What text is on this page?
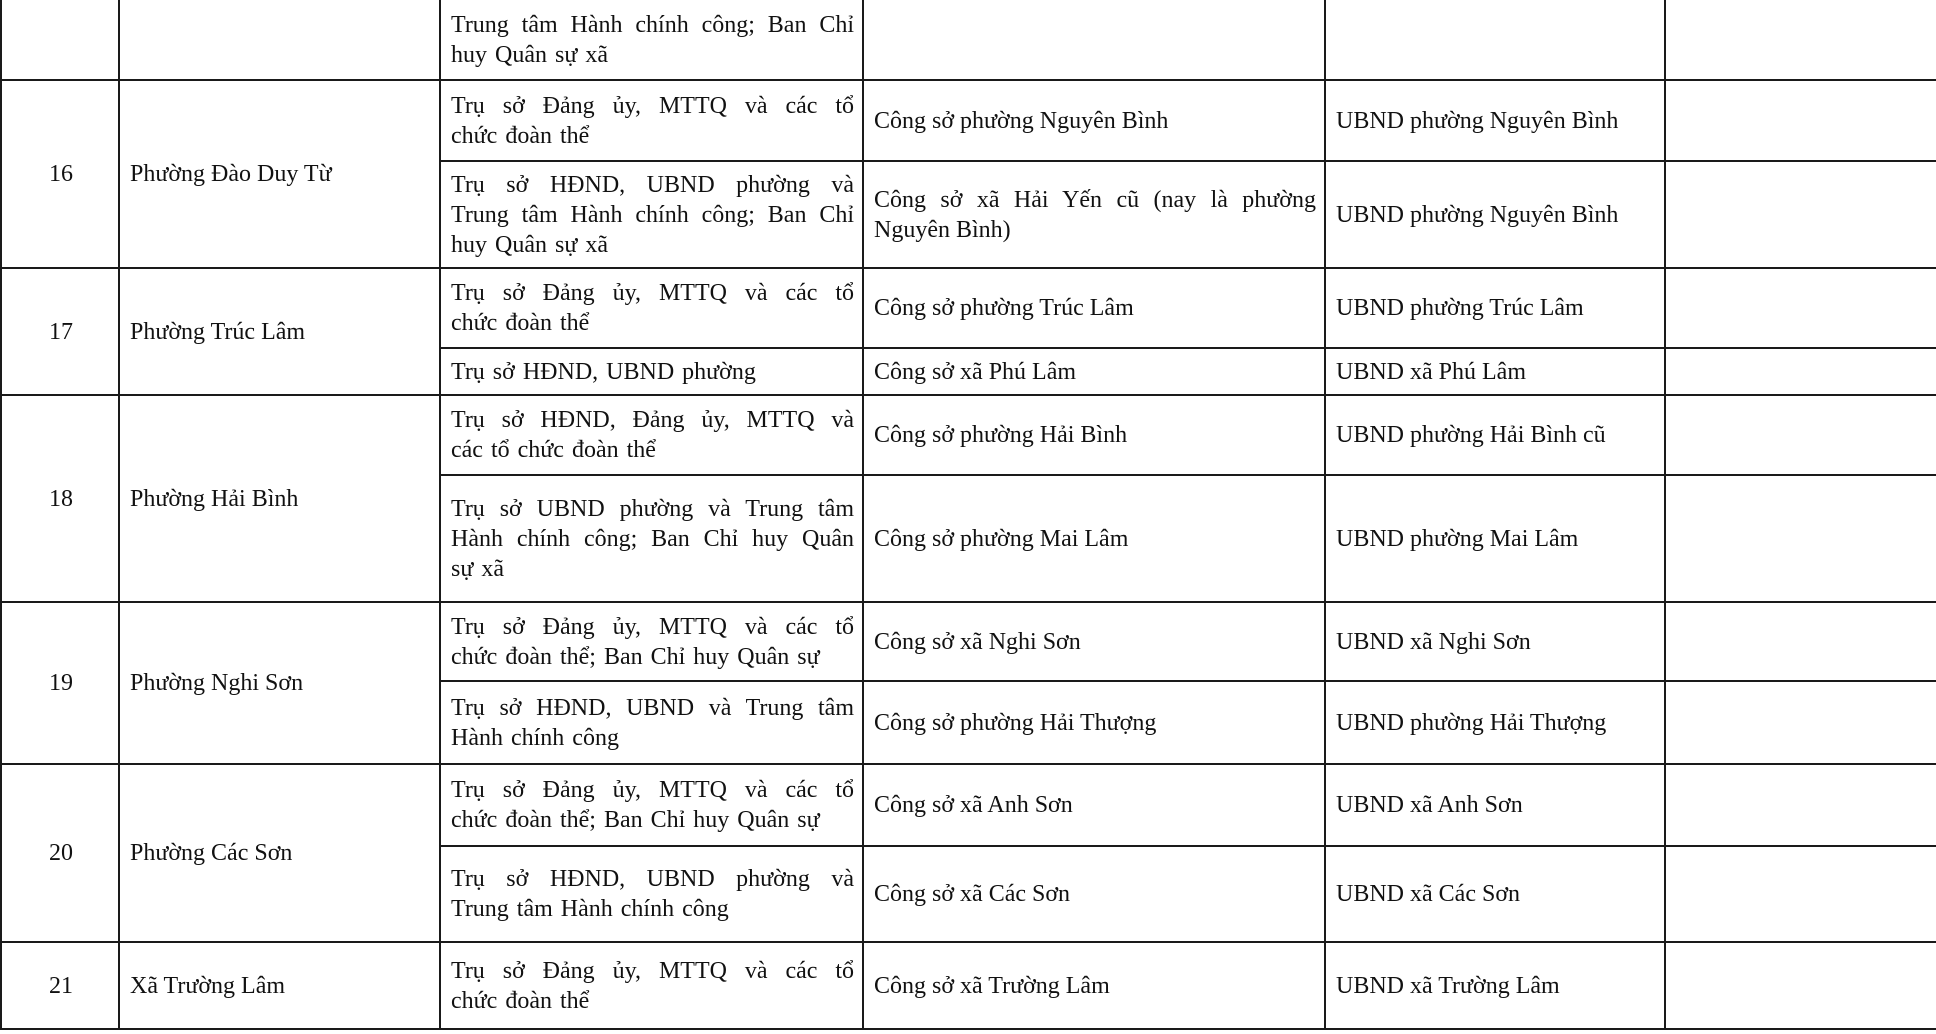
		Trung tâm Hành chính công; Ban Chỉ
huy Quân sự xã			

16	Phường Đào Duy Từ	Trụ sở Đảng ủy, MTTQ và các tổ
chức đoàn thể	Công sở phường Nguyên Bình	UBND phường Nguyên Bình	

		Trụ sở HĐND, UBND phường và
Trung tâm Hành chính công; Ban Chỉ
huy Quân sự xã	Công sở xã Hải Yến cũ (nay là phường Nguyên Bình)	UBND phường Nguyên Bình	
17	Phường Trúc Lâm	Trụ sở Đảng ủy, MTTQ và các tổ
chức đoàn thể	Công sở phường Trúc Lâm	UBND phường Trúc Lâm	

		Trụ sở HĐND, UBND phường	Công sở xã Phú Lâm	UBND xã Phú Lâm	
18	Phường Hải Bình	Trụ sở HĐND, Đảng ủy, MTTQ và
các tổ chức đoàn thể	Công sở phường Hải Bình	UBND phường Hải Bình cũ	

		Trụ sở UBND phường và Trung tâm
Hành chính công; Ban Chỉ huy Quân
sự xã	Công sở phường Mai Lâm	UBND phường Mai Lâm	
19	Phường Nghi Sơn	Trụ sở Đảng ủy, MTTQ và các tổ
chức đoàn thể; Ban Chỉ huy Quân sự	Công sở xã Nghi Sơn	UBND xã Nghi Sơn	

		Trụ sở HĐND, UBND và Trung tâm
Hành chính công	Công sở phường Hải Thượng	UBND phường Hải Thượng	
20	Phường Các Sơn	Trụ sở Đảng ủy, MTTQ và các tổ
chức đoàn thể; Ban Chỉ huy Quân sự	Công sở xã Anh Sơn	UBND xã Anh Sơn	

		Trụ sở HĐND, UBND phường và
Trung tâm Hành chính công	Công sở xã Các Sơn	UBND xã Các Sơn	
21	Xã Trường Lâm	Trụ sở Đảng ủy, MTTQ và các tổ
chức đoàn thể	Công sở xã Trường Lâm	UBND xã Trường Lâm	
